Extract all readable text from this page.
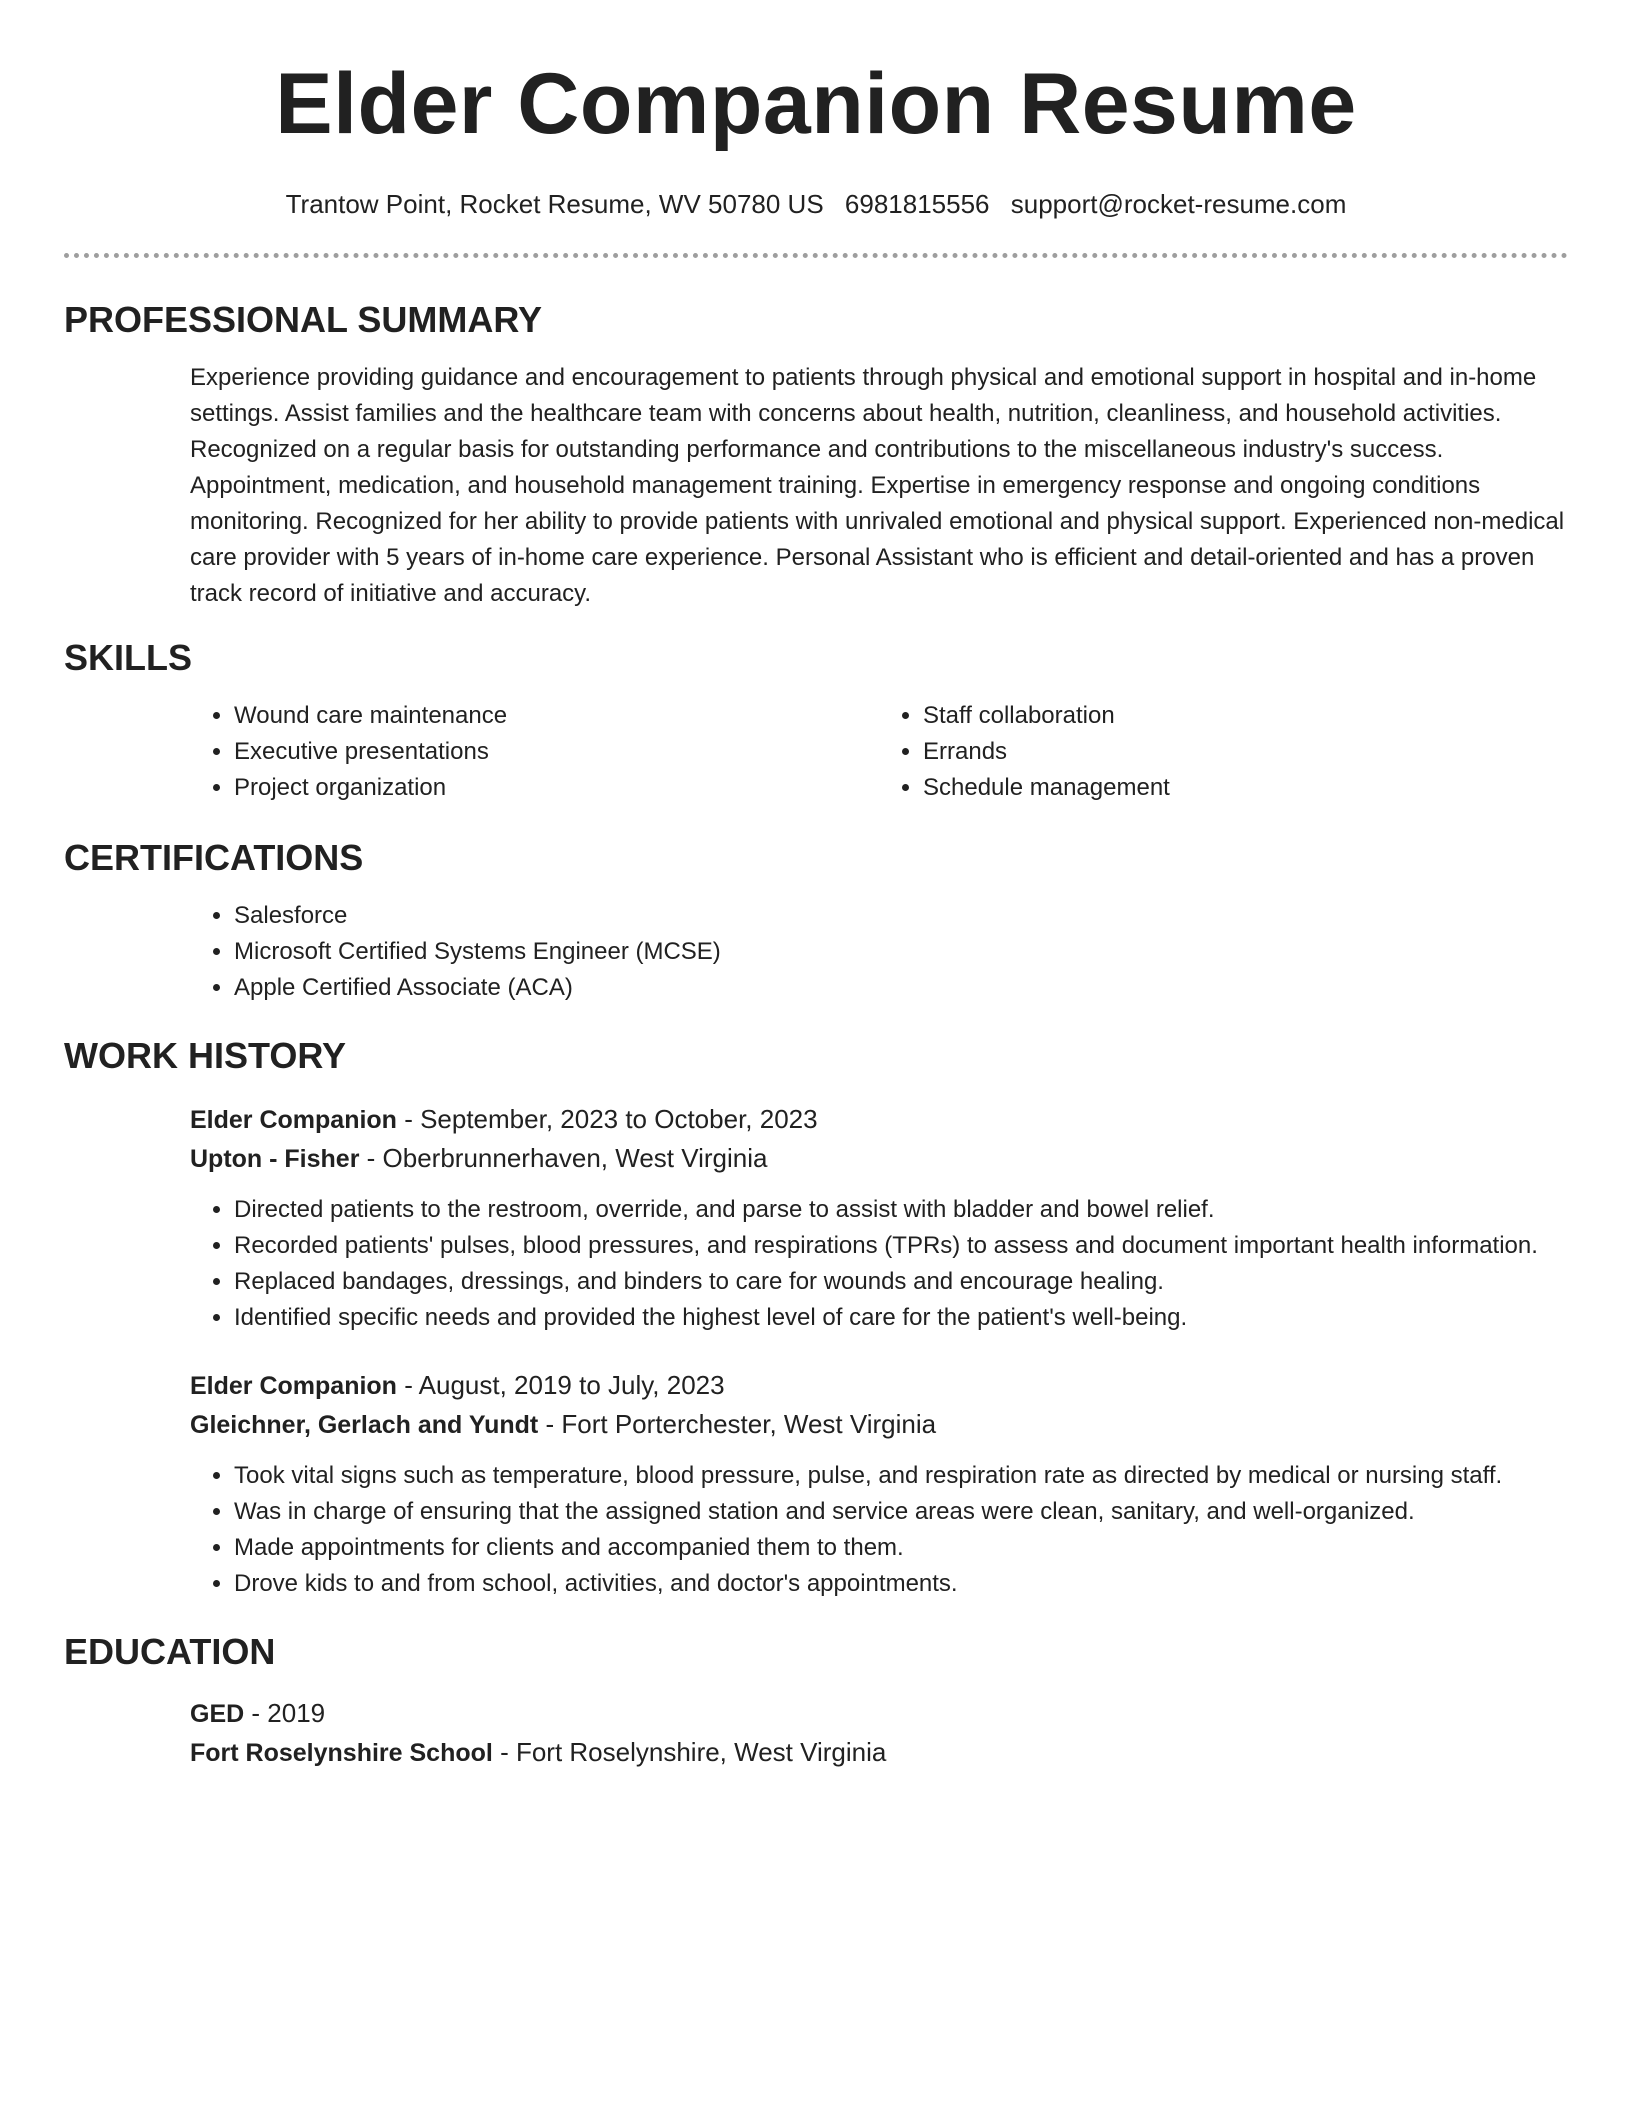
Elder Companion Resume
Trantow Point, Rocket Resume, WV 50780 US 6981815556 support@rocket-resume.com
PROFESSIONAL SUMMARY

Experience providing guidance and encouragement to patients through physical and emotional support in hospital and in-home settings. Assist families and the healthcare team with concerns about health, nutrition, cleanliness, and household activities. Recognized on a regular basis for outstanding performance and contributions to the miscellaneous industry's success. Appointment, medication, and household management training. Expertise in emergency response and ongoing conditions monitoring. Recognized for her ability to provide patients with unrivaled emotional and physical support. Experienced non-medical care provider with 5 years of in-home care experience. Personal Assistant who is efficient and detail-oriented and has a proven track record of initiative and accuracy.

SKILLS
• Wound care maintenance
• Executive presentations
• Project organization
• Staff collaboration
• Errands
• Schedule management
CERTIFICATIONS
• Salesforce
• Microsoft Certified Systems Engineer (MCSE)
• Apple Certified Associate (ACA)
WORK HISTORY
Elder Companion - September, 2023 to October, 2023
Upton - Fisher - Oberbrunnerhaven, West Virginia
• Directed patients to the restroom, override, and parse to assist with bladder and bowel relief.
• Recorded patients' pulses, blood pressures, and respirations (TPRs) to assess and document important health information.
• Replaced bandages, dressings, and binders to care for wounds and encourage healing.
• Identified specific needs and provided the highest level of care for the patient's well-being.
Elder Companion - August, 2019 to July, 2023
Gleichner, Gerlach and Yundt - Fort Porterchester, West Virginia
• Took vital signs such as temperature, blood pressure, pulse, and respiration rate as directed by medical or nursing staff.
• Was in charge of ensuring that the assigned station and service areas were clean, sanitary, and well-organized.
• Made appointments for clients and accompanied them to them.
• Drove kids to and from school, activities, and doctor's appointments.
EDUCATION
GED - 2019
Fort Roselynshire School - Fort Roselynshire, West Virginia
